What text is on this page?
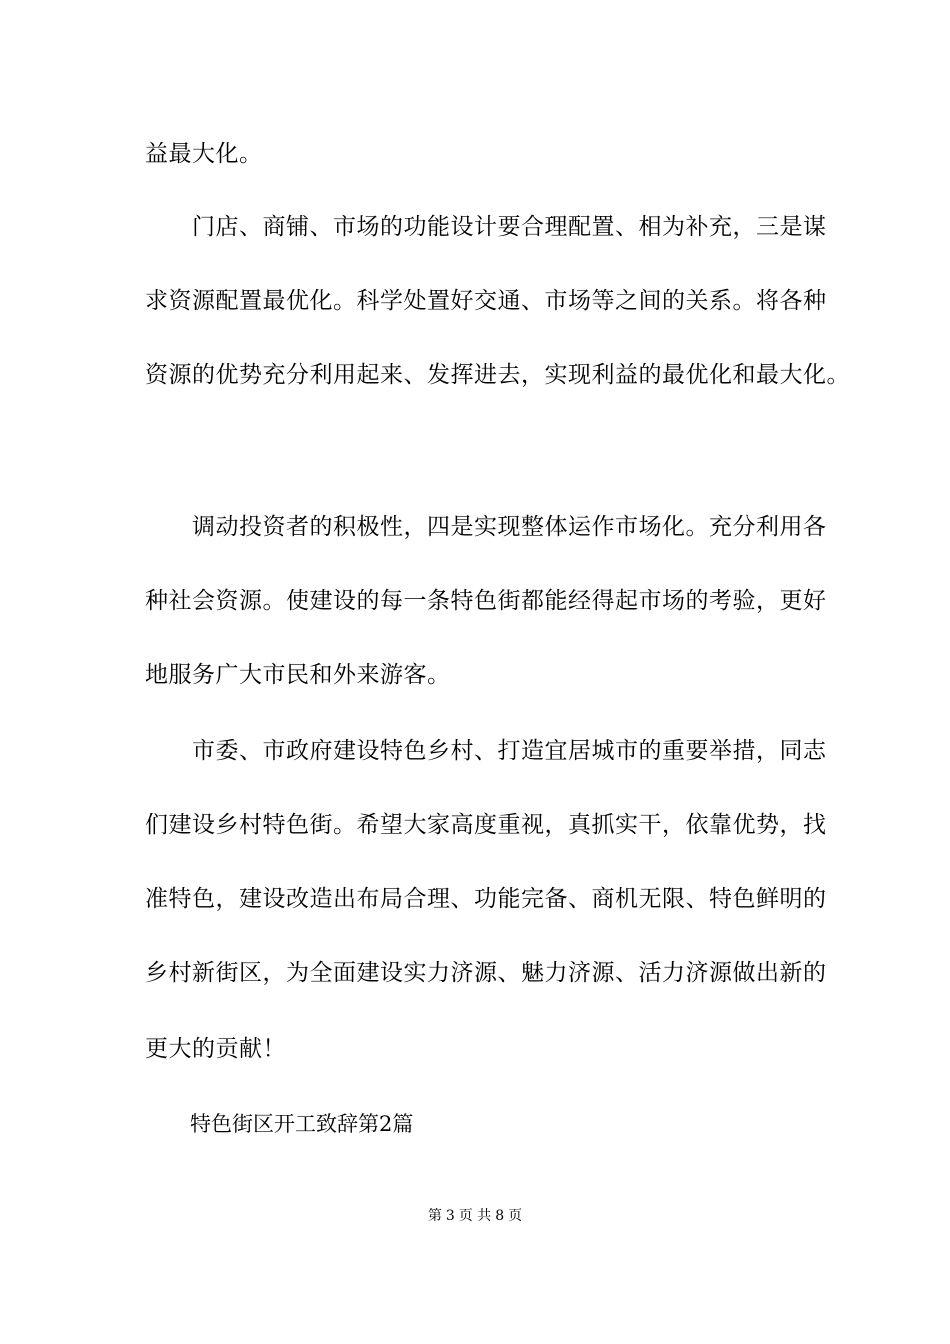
益最大化。
门店、商铺、市场的功能设计要合理配置、相为补充，三是谋
求资源配置最优化。科学处置好交通、市场等之间的关系。将各种
资源的优势充分利用起来、发挥进去，实现利益的最优化和最大化。
调动投资者的积极性，四是实现整体运作市场化。充分利用各
种社会资源。使建设的每一条特色街都能经得起市场的考验，更好
地服务广大市民和外来游客。
市委、市政府建设特色乡村、打造宜居城市的重要举措，同志
们建设乡村特色街。希望大家高度重视，真抓实干，依靠优势，找
准特色，建设改造出布局合理、功能完备、商机无限、特色鲜明的
乡村新街区，为全面建设实力济源、魅力济源、活力济源做出新的
更大的贡献！
特色街区开工致辞第2篇
第 3 页 共 8 页
